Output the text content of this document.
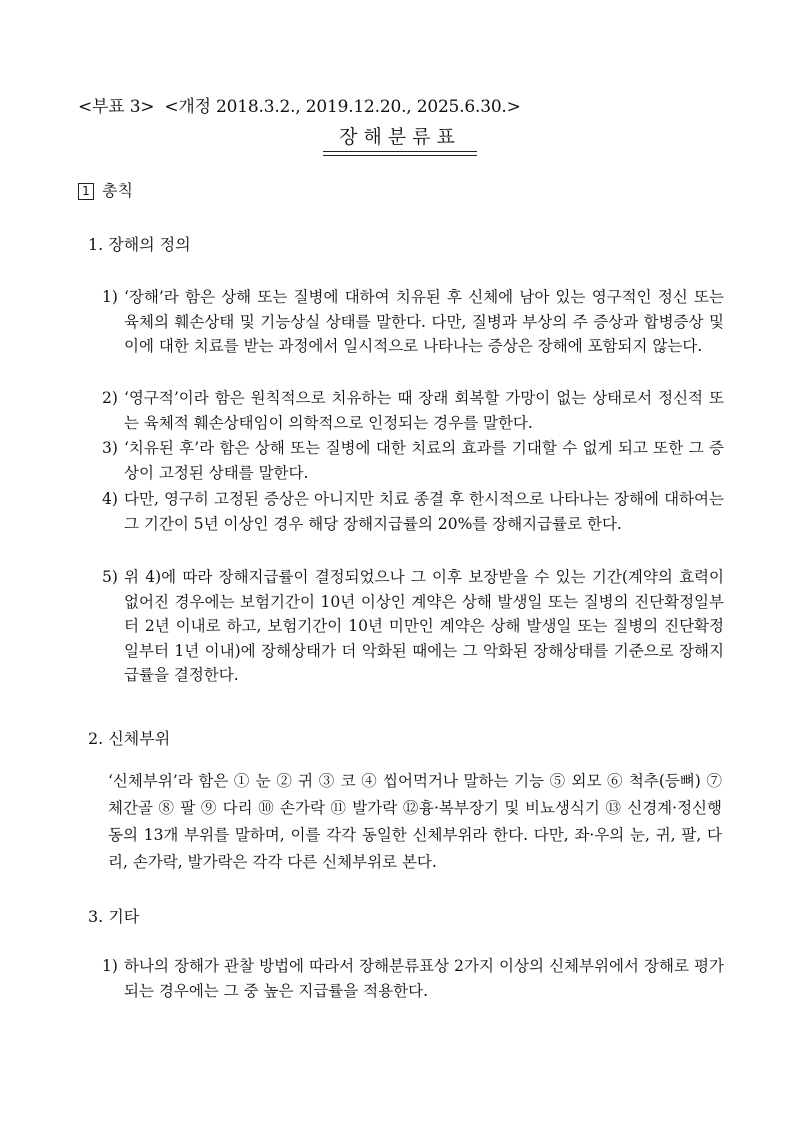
<부표 3> <개정 2018.3.2., 2019.12.20., 2025.6.30.>
장해분류표
1 총칙
1. 장해의 정의
1) ‘장해’라 함은 상해 또는 질병에 대하여 치유된 후 신체에 남아 있는 영구적인 정신 또는 육체의 훼손상태 및 기능상실 상태를 말한다. 다만, 질병과 부상의 주 증상과 합병증상 및 이에 대한 치료를 받는 과정에서 일시적으로 나타나는 증상은 장해에 포함되지 않는다.
2) ‘영구적’이라 함은 원칙적으로 치유하는 때 장래 회복할 가망이 없는 상태로서 정신적 또는 육체적 훼손상태임이 의학적으로 인정되는 경우를 말한다.
3) ‘치유된 후’라 함은 상해 또는 질병에 대한 치료의 효과를 기대할 수 없게 되고 또한 그 증상이 고정된 상태를 말한다.
4) 다만, 영구히 고정된 증상은 아니지만 치료 종결 후 한시적으로 나타나는 장해에 대하여는 그 기간이 5년 이상인 경우 해당 장해지급률의 20%를 장해지급률로 한다.
5) 위 4)에 따라 장해지급률이 결정되었으나 그 이후 보장받을 수 있는 기간(계약의 효력이 없어진 경우에는 보험기간이 10년 이상인 계약은 상해 발생일 또는 질병의 진단확정일부터 2년 이내로 하고, 보험기간이 10년 미만인 계약은 상해 발생일 또는 질병의 진단확정일부터 1년 이내)에 장해상태가 더 악화된 때에는 그 악화된 장해상태를 기준으로 장해지급률을 결정한다.
2. 신체부위
‘신체부위’라 함은 ① 눈 ② 귀 ③ 코 ④ 씹어먹거나 말하는 기능 ⑤ 외모 ⑥ 척추(등뼈) ⑦ 체간골 ⑧ 팔 ⑨ 다리 ⑩ 손가락 ⑪ 발가락 ⑫흉·복부장기 및 비뇨생식기 ⑬ 신경계·정신행동의 13개 부위를 말하며, 이를 각각 동일한 신체부위라 한다. 다만, 좌·우의 눈, 귀, 팔, 다리, 손가락, 발가락은 각각 다른 신체부위로 본다.
3. 기타
1) 하나의 장해가 관찰 방법에 따라서 장해분류표상 2가지 이상의 신체부위에서 장해로 평가되는 경우에는 그 중 높은 지급률을 적용한다.
